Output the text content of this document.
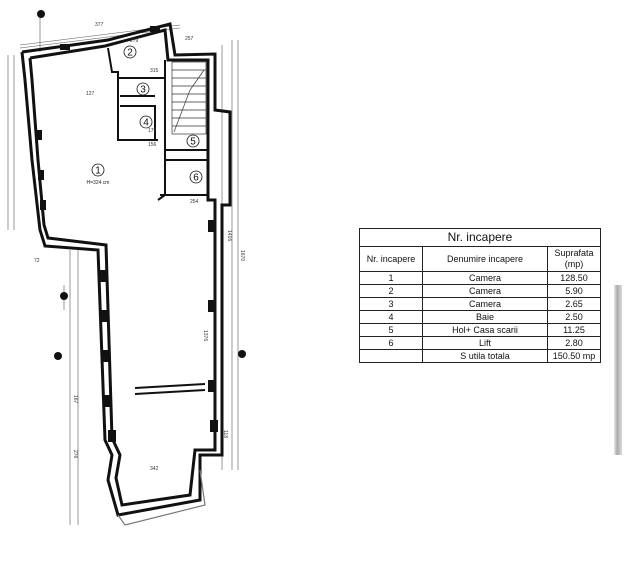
1
2
3
4
5
6
H=324 cm
377
279	257
315
127
156
179
254
1416
1670
1376
276
342
167
118
72
Nr. incapere		
Nr. incapere	Denumire incapere	Suprafata (mp)
1	Camera	128.50
2	Camera	5.90
3	Camera	2.65
4	Baie	2.50
5	Hol+ Casa scarii	11.25
6	Lift	2.80
	S utila totala	150.50 mp
